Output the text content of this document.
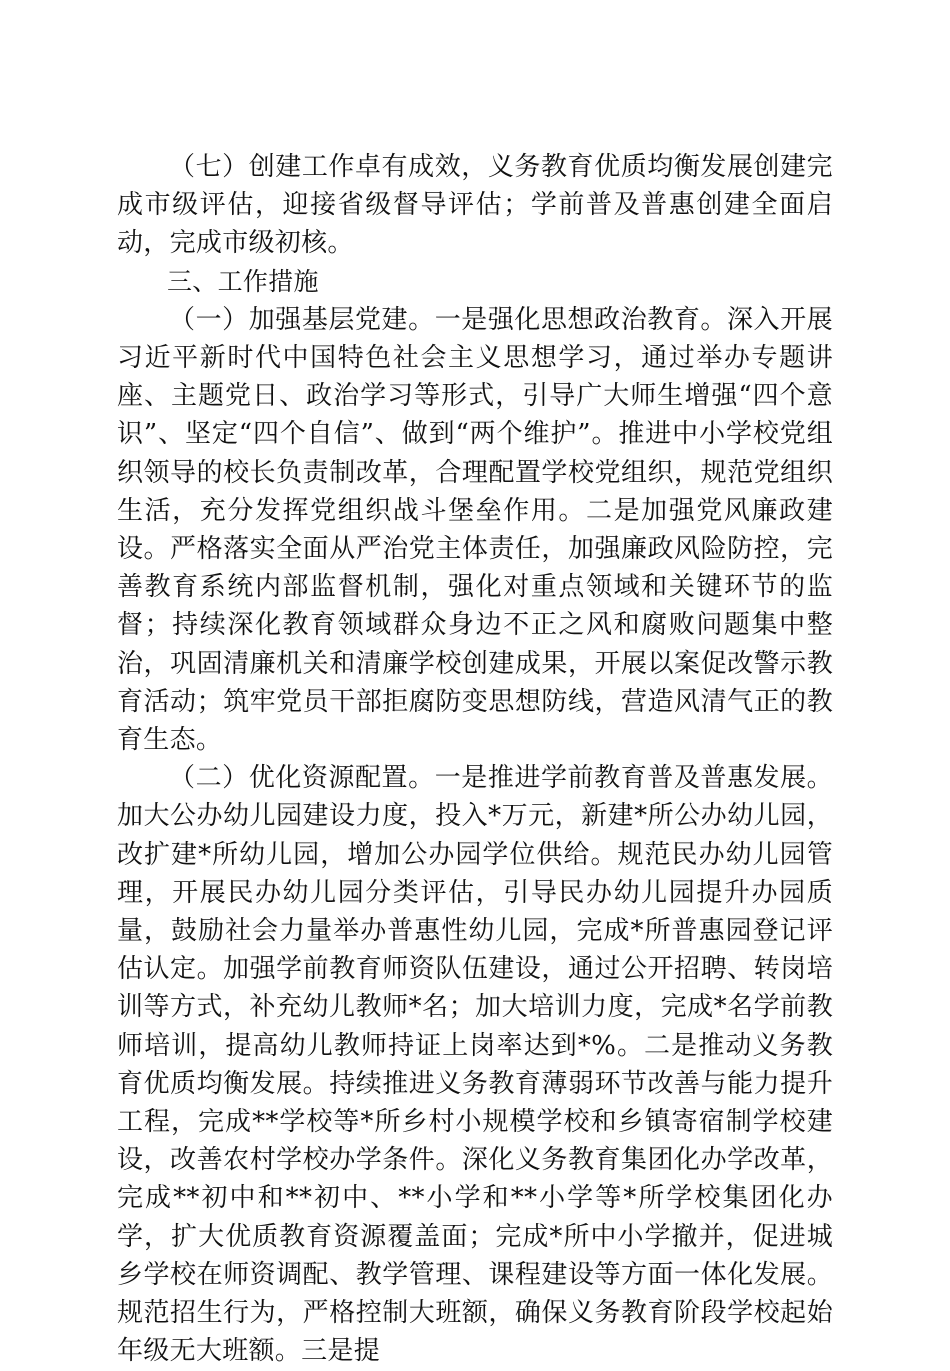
（七）创建工作卓有成效，义务教育优质均衡发展创建完成市级评估，迎接省级督导评估；学前普及普惠创建全面启动，完成市级初核。

三、工作措施

（一）加强基层党建。一是强化思想政治教育。深入开展习近平新时代中国特色社会主义思想学习，通过举办专题讲座、主题党日、政治学习等形式，引导广大师生增强“四个意识”、坚定“四个自信”、做到“两个维护”。推进中小学校党组织领导的校长负责制改革，合理配置学校党组织，规范党组织生活，充分发挥党组织战斗堡垒作用。二是加强党风廉政建设。严格落实全面从严治党主体责任，加强廉政风险防控，完善教育系统内部监督机制，强化对重点领域和关键环节的监督；持续深化教育领域群众身边不正之风和腐败问题集中整治，巩固清廉机关和清廉学校创建成果，开展以案促改警示教育活动；筑牢党员干部拒腐防变思想防线，营造风清气正的教育生态。

（二）优化资源配置。一是推进学前教育普及普惠发展。加大公办幼儿园建设力度，投入*万元，新建*所公办幼儿园，改扩建*所幼儿园，增加公办园学位供给。规范民办幼儿园管理，开展民办幼儿园分类评估，引导民办幼儿园提升办园质量，鼓励社会力量举办普惠性幼儿园，完成*所普惠园登记评估认定。加强学前教育师资队伍建设，通过公开招聘、转岗培训等方式，补充幼儿教师*名；加大培训力度，完成*名学前教师培训，提高幼儿教师持证上岗率达到*%。二是推动义务教育优质均衡发展。持续推进义务教育薄弱环节改善与能力提升工程，完成**学校等*所乡村小规模学校和乡镇寄宿制学校建设，改善农村学校办学条件。深化义务教育集团化办学改革，完成**初中和**初中、**小学和**小学等*所学校集团化办学，扩大优质教育资源覆盖面；完成*所中小学撤并，促进城乡学校在师资调配、教学管理、课程建设等方面一体化发展。规范招生行为，严格控制大班额，确保义务教育阶段学校起始年级无大班额。三是提
